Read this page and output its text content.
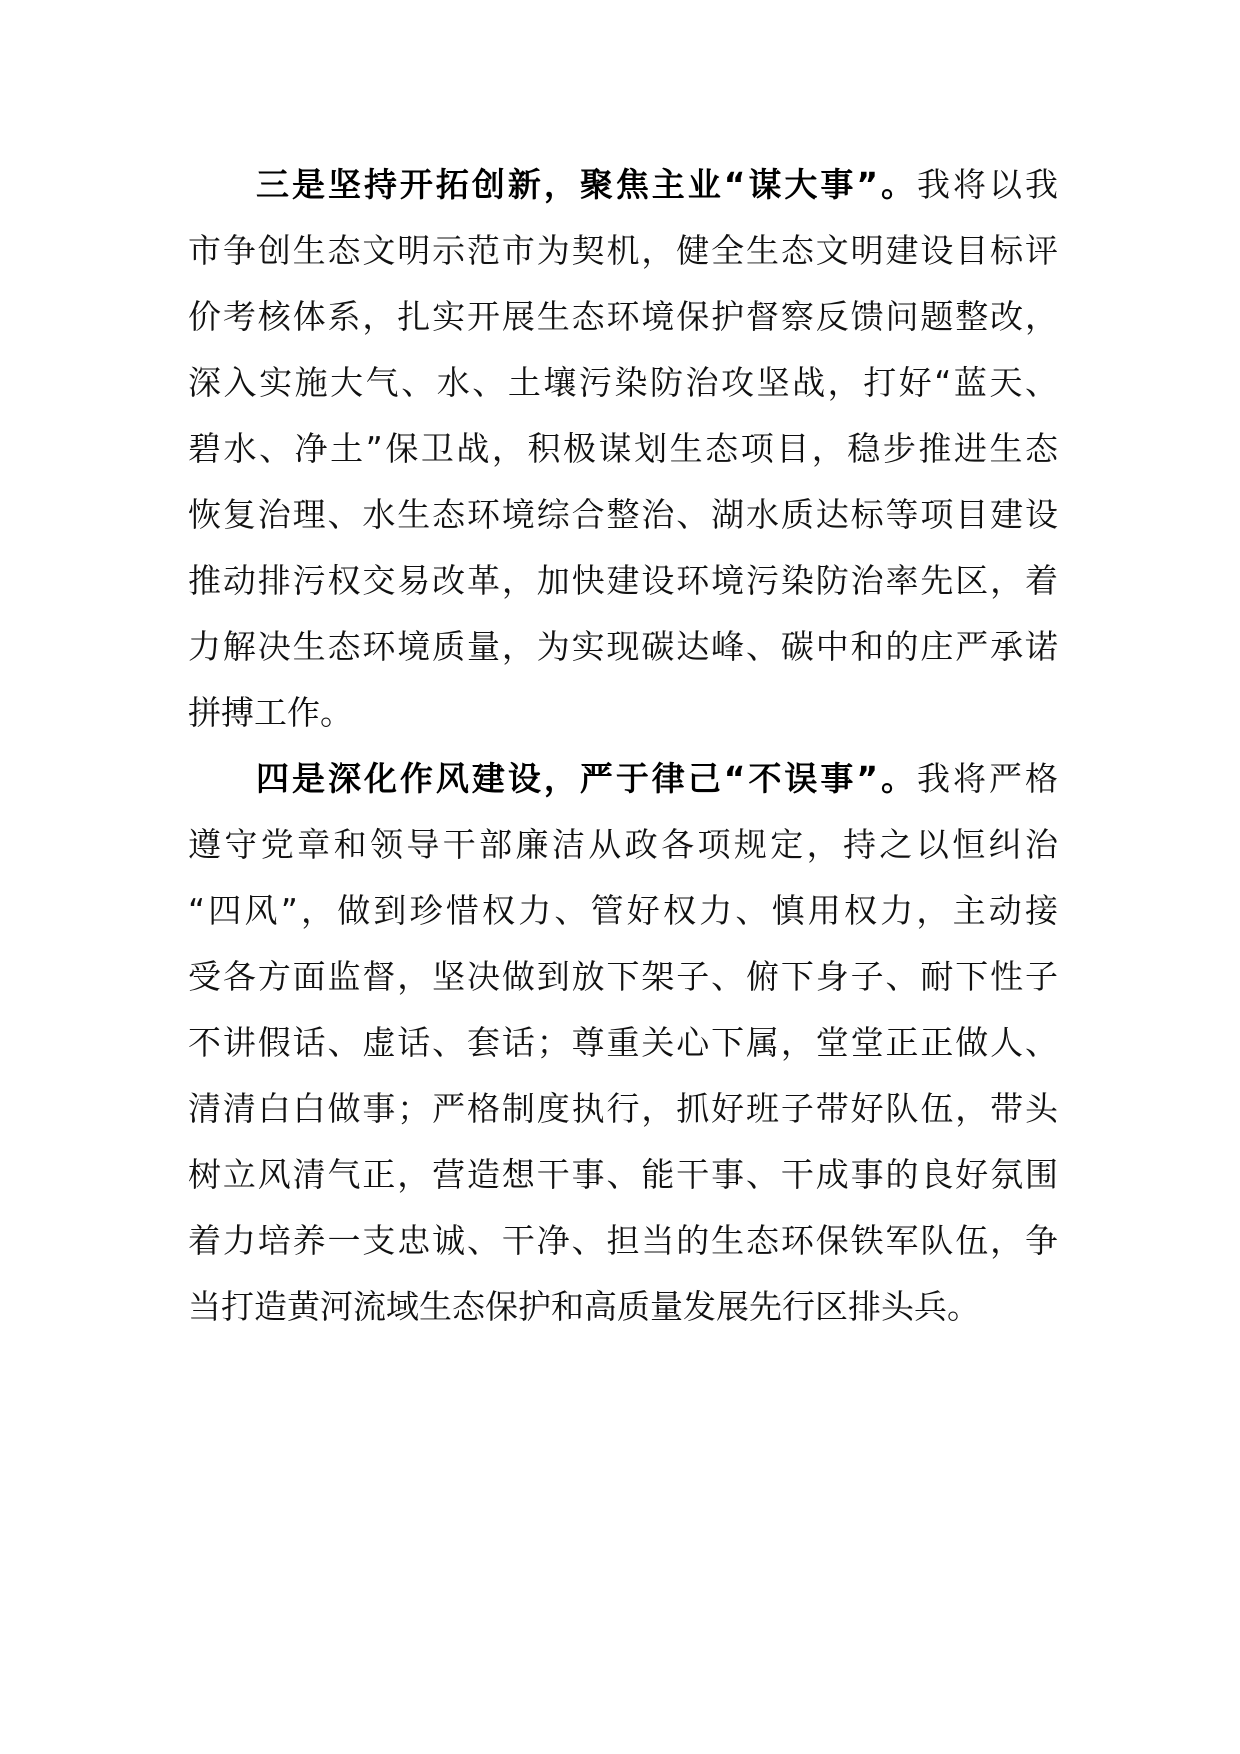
三是坚持开拓创新，聚焦主业“谋大事”。我将以我
市争创生态文明示范市为契机，健全生态文明建设目标评
价考核体系，扎实开展生态环境保护督察反馈问题整改，
深入实施大气、水、土壤污染防治攻坚战，打好“蓝天、
碧水、净土”保卫战，积极谋划生态项目，稳步推进生态
恢复治理、水生态环境综合整治、湖水质达标等项目建设
推动排污权交易改革，加快建设环境污染防治率先区，着
力解决生态环境质量，为实现碳达峰、碳中和的庄严承诺
拼搏工作。
四是深化作风建设，严于律己“不误事”。我将严格
遵守党章和领导干部廉洁从政各项规定，持之以恒纠治
“四风”，做到珍惜权力、管好权力、慎用权力，主动接
受各方面监督，坚决做到放下架子、俯下身子、耐下性子
不讲假话、虚话、套话；尊重关心下属，堂堂正正做人、
清清白白做事；严格制度执行，抓好班子带好队伍，带头
树立风清气正，营造想干事、能干事、干成事的良好氛围
着力培养一支忠诚、干净、担当的生态环保铁军队伍，争
当打造黄河流域生态保护和高质量发展先行区排头兵。
